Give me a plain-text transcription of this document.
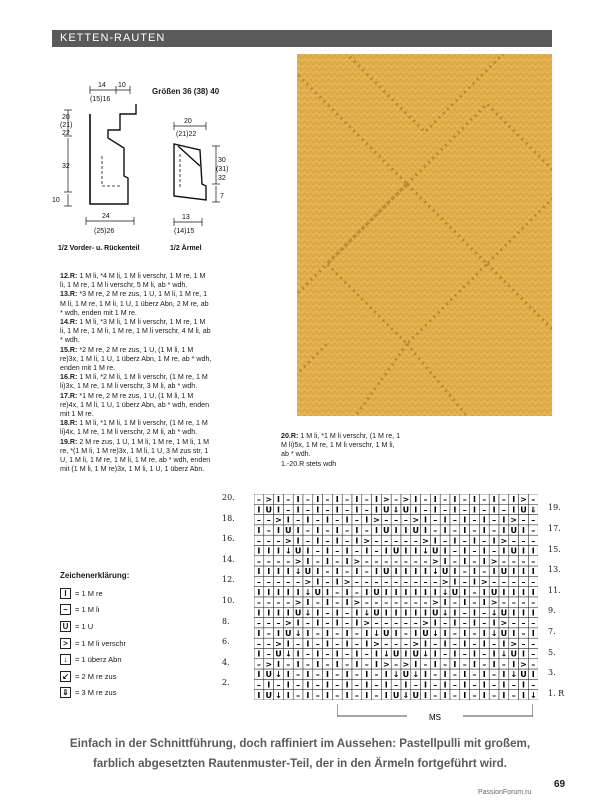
KETTEN-RAUTEN
Größen 36 (38) 40
14 10
(15)16
20
(21)
22
32
10
24
(25)26
20
(21)22
30
(31)
32
7
13
(14)15
1/2 Vorder- u. Rückenteil	1/2 Ärmel

12.R: 1 M li, *4 M li, 1 M li verschr, 1 M re, 1 M li, 1 M re, 1 M li verschr, 5 M li, ab * wdh.

13.R: *3 M re, 2 M re zus, 1 U, 1 M li, 1 M re, 1 M li, 1 M re, 1 M li, 1 U, 1 überz Abn, 2 M re, ab * wdh, enden mit 1 M re.

14.R: 1 M li, *3 M li, 1 M li verschr, 1 M re, 1 M li, 1 M re, 1 M li, 1 M re, 1 M li verschr, 4 M li, ab * wdh.

15.R: *2 M re, 2 M re zus, 1 U, (1 M li, 1 M re)3x, 1 M li, 1 U, 1 überz Abn, 1 M re, ab * wdh, enden mit 1 M re.

16.R: 1 M li, *2 M li, 1 M li verschr, (1 M re, 1 M li)3x, 1 M re, 1 M li verschr, 3 M li, ab * wdh.

17.R: *1 M re, 2 M re zus, 1 U, (1 M li, 1 M re)4x, 1 M li, 1 U, 1 überz Abn, ab * wdh, enden mit 1 M re.

18.R: 1 M li, *1 M li, 1 M li verschr, (1 M re, 1 M li)4x, 1 M re, 1 M li verschr, 2 M li, ab * wdh.

19.R: 2 M re zus, 1 U, 1 M li, 1 M re, 1 M li, 1 M re, *(1 M li, 1 M re)3x, 1 M li, 1 U, 3 M zus str, 1 U, 1 M li, 1 M re, 1 M li, 1 M re, ab * wdh, enden mit (1 M li, 1 M re)3x, 1 M li, 1 U, 1 überz Abn.

20.R: 1 M li, *1 M li verschr, (1 M re, 1 M li)5x, 1 M re, 1 M li verschr, 1 M li, ab * wdh.

1.-20.R stets wdh

Zeichenerklärung:
I	= 1 M re
– = 1 M li
U = 1 U
> = 1 M li verschr
↓	= 1 überz Abn
↙ = 2 M re zus
⇓ = 3 M re zus
– > I – I – I – I – I – I > – > I – I – I – I – I – I > –
I U I – I – I – I – I – I U ⇓ U I – I – I – I – I – I U ⇓
– – > I – I – I – I – I > – – – > I – I – I – I – I > – –
I – I U I – I – I – I – I U I I U I – I – I – I – I U I –
– – – > I – I – I – I > – – – – – > I – I – I – I > – – –
I I I ↓ U I – I – I – I – I U I I ↓ U I – I – I – I U I I
– – – – > I – I – I > – – – – – – – > I – I – I > – – – –
I I I I ↓ U I – I – I – I U I I I I ↓ U I – I – I U I I I
– – – – – > I – I > – – – – – – – – – > I – I > – – – – –
I I I I I ↓ U I – I – I U I I I I I I ↓ U I – I U I I I I
– – – – > I – I – I > – – – – – – – > I – I – I > – – – –
I I I I U ↓ I – I – I ↓ U I I I I I U ↓ I – I – ↓ U I I I
– – – > I – I – I – I > – – – – – > I – I – I – I > – – –
I – I U ↓ I – I – I – I ↓ U I – I U ↓ I – I – I ↓ U I – I
– – > I – I – I – I – I > – – – > I – I – I – I – I > – –
I – U ↓ I – I – I – I – I ↓ U I U ↓ I – I – I – I ↓ U I –
– > I – I – I – I – I – I > – > I – I – I – I – I – I > –
I U ↓ I – I – I – I – I – I ↓ U ↓ I – I – I – I – I ↓ U I
– I – I – I – I – I – I – I – I – I – I – I – I – I – I –
I U ↓ I – I – I – I – I – I U ⇓ U I – I – I – I – I – I ↓
20.
18.
16.
14.
12.
10.
8.
6.
4.
2.
19.
17.
15.
13.
11.
9.
7.
5.
3.
1. R
MS
Einfach in der Schnittführung, doch raffiniert im Aussehen: Pastellpulli mit großem, farblich abgesetzten Rautenmuster-Teil, der in den Ärmeln fortgeführt wird.
69
PassionForum.ru
